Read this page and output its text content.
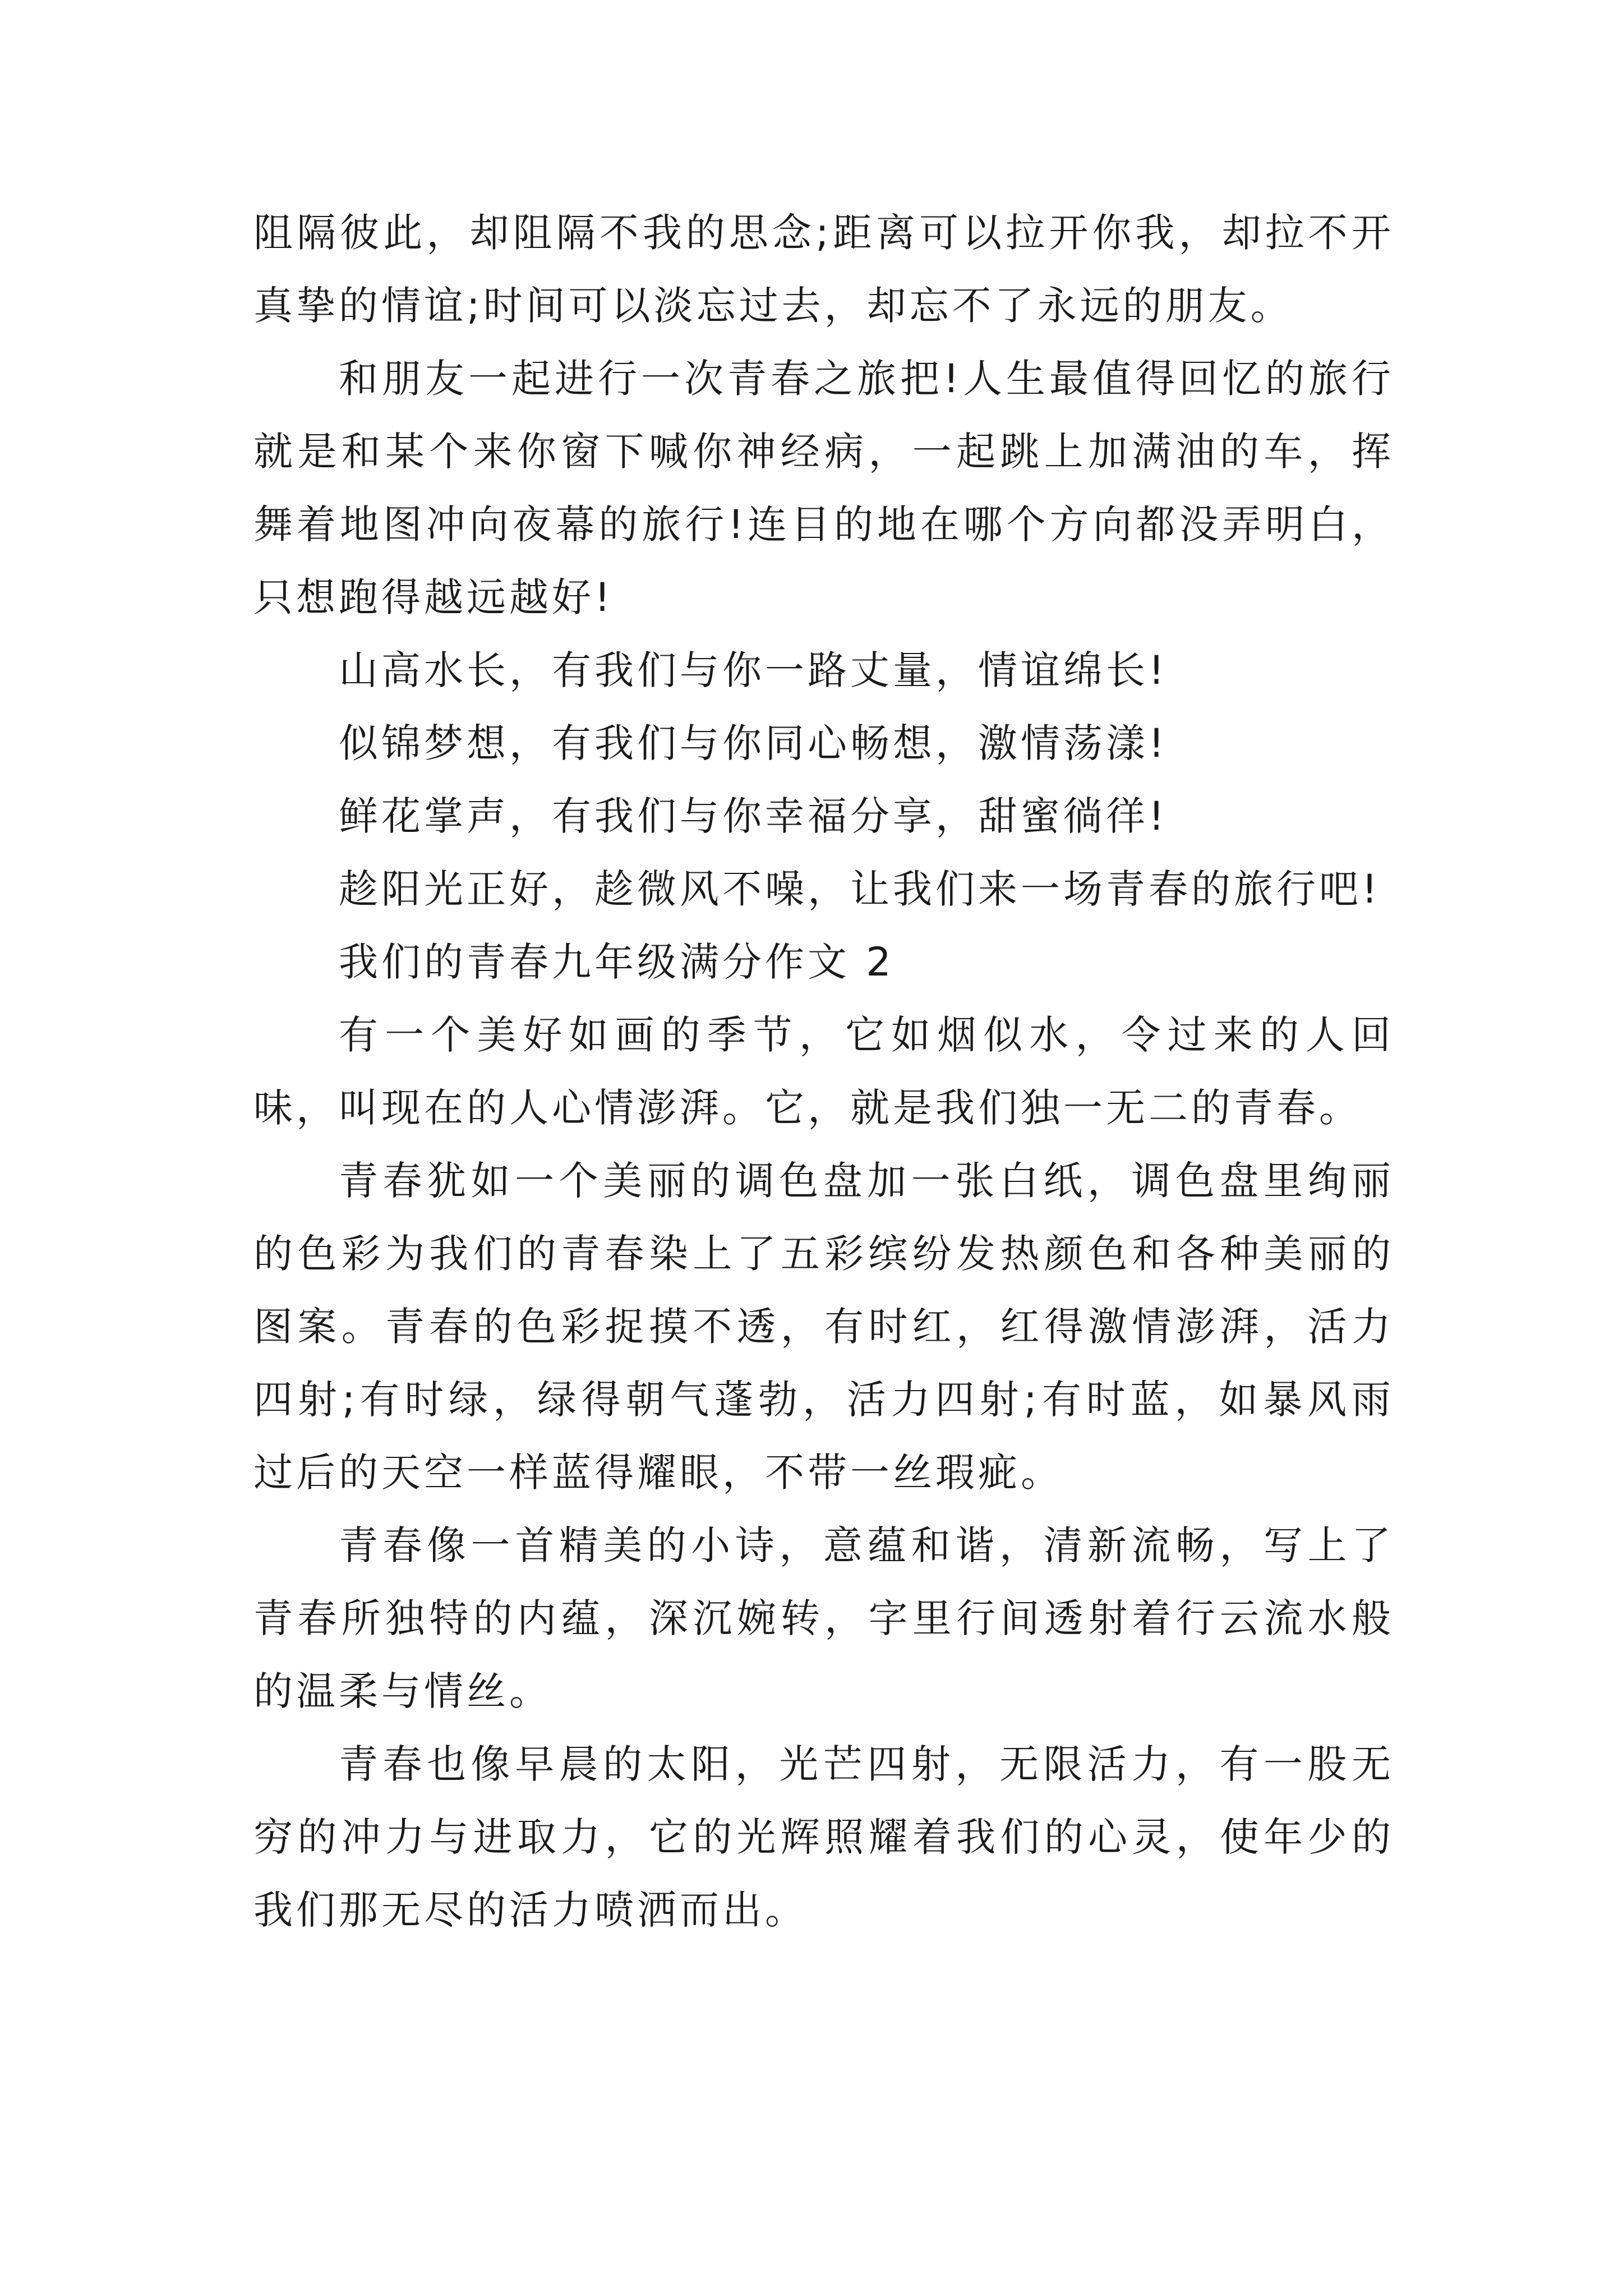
阻隔彼此，却阻隔不我的思念;距离可以拉开你我，却拉不开真挚的情谊;时间可以淡忘过去，却忘不了永远的朋友。

和朋友一起进行一次青春之旅把!人生最值得回忆的旅行就是和某个来你窗下喊你神经病，一起跳上加满油的车，挥舞着地图冲向夜幕的旅行!连目的地在哪个方向都没弄明白，只想跑得越远越好!

山高水长，有我们与你一路丈量，情谊绵长!

似锦梦想，有我们与你同心畅想，激情荡漾!

鲜花掌声，有我们与你幸福分享，甜蜜徜徉!

趁阳光正好，趁微风不噪，让我们来一场青春的旅行吧!

我们的青春九年级满分作文 2

有一个美好如画的季节，它如烟似水，令过来的人回味，叫现在的人心情澎湃。它，就是我们独一无二的青春。

青春犹如一个美丽的调色盘加一张白纸，调色盘里绚丽的色彩为我们的青春染上了五彩缤纷发热颜色和各种美丽的图案。青春的色彩捉摸不透，有时红，红得激情澎湃，活力四射;有时绿，绿得朝气蓬勃，活力四射;有时蓝，如暴风雨过后的天空一样蓝得耀眼，不带一丝瑕疵。

青春像一首精美的小诗，意蕴和谐，清新流畅，写上了青春所独特的内蕴，深沉婉转，字里行间透射着行云流水般的温柔与情丝。

青春也像早晨的太阳，光芒四射，无限活力，有一股无穷的冲力与进取力，它的光辉照耀着我们的心灵，使年少的我们那无尽的活力喷洒而出。
